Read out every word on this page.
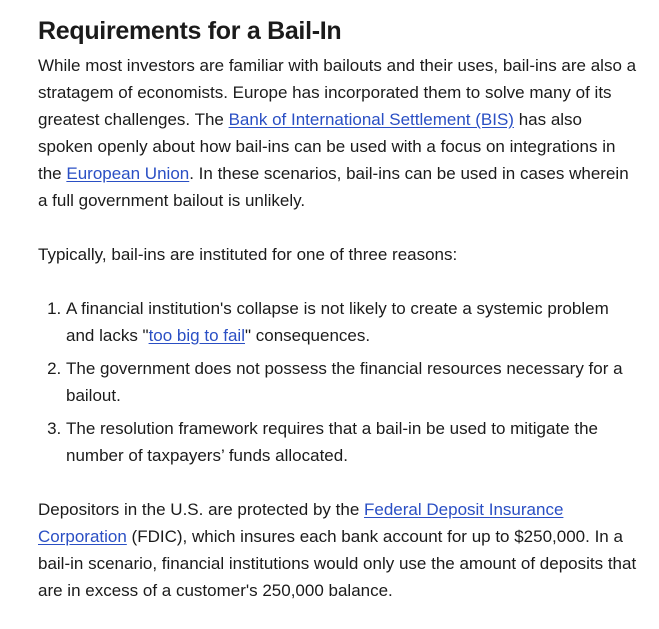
Requirements for a Bail-In

While most investors are familiar with bailouts and their uses, bail-ins are also a stratagem of economists. Europe has incorporated them to solve many of its greatest challenges. The Bank of International Settlement (BIS) has also spoken openly about how bail-ins can be used with a focus on integrations in the European Union. In these scenarios, bail-ins can be used in cases wherein a full government bailout is unlikely.

Typically, bail-ins are instituted for one of three reasons:

1. A financial institution's collapse is not likely to create a systemic problem and lacks "too big to fail" consequences.
2. The government does not possess the financial resources necessary for a bailout.
3. The resolution framework requires that a bail-in be used to mitigate the number of taxpayers’ funds allocated.

Depositors in the U.S. are protected by the Federal Deposit Insurance Corporation (FDIC), which insures each bank account for up to $250,000. In a bail-in scenario, financial institutions would only use the amount of deposits that are in excess of a customer's 250,000 balance.
